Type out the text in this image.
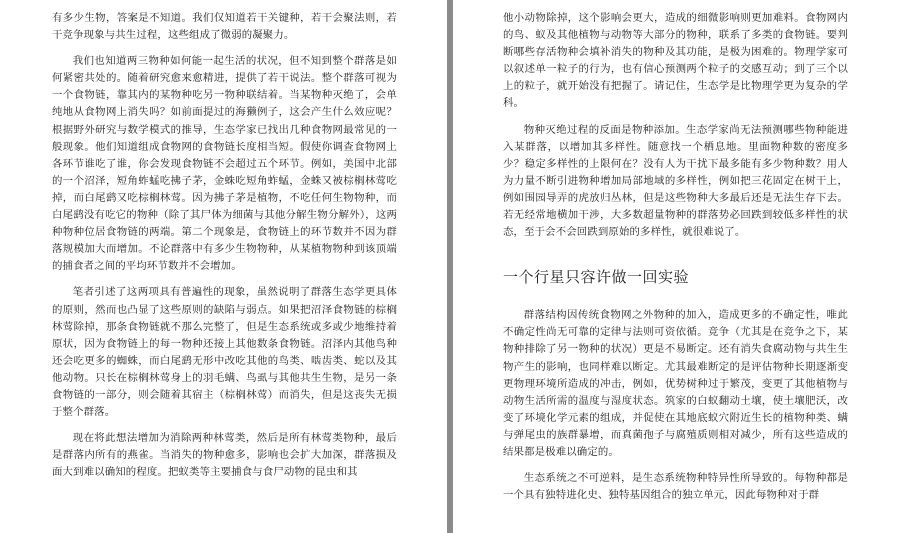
有多少生物，答案是不知道。我们仅知道若干关键种，若干会聚法则，若干竞争现象与共生过程，这些组成了微弱的凝聚力。

我们也知道两三物种如何能一起生活的状况，但不知到整个群落是如何紧密共处的。随着研究愈来愈精进，提供了若干说法。整个群落可视为一个食物链，靠其内的某物种吃另一物种联结着。当某物种灭绝了，会单纯地从食物网上消失吗？如前面提过的海獭例子，这会产生什么效应呢？根据野外研究与数学模式的推导，生态学家已找出几种食物网最常见的一般现象。他们知道组成食物网的食物链长度相当短。假使你调查食物网上各环节谁吃了谁，你会发现食物链不会超过五个环节。例如，美国中北部的一个沼泽，短角蚱蜢吃拂子茅，金蛛吃短角蚱蜢，金蛛又被棕榈林莺吃掉，而白尾鹞又吃棕榈林莺。因为拂子茅是植物，不吃任何生物物种，而白尾鹞没有吃它的物种（除了其尸体为细菌与其他分解生物分解外），这两种物种位居食物链的两端。第二个现象是，食物链上的环节数并不因为群落规模加大而增加。不论群落中有多少生物物种，从某植物物种到该顶端的捕食者之间的平均环节数并不会增加。

笔者引述了这两项具有普遍性的现象，虽然说明了群落生态学更具体的原则，然而也凸显了这些原则的缺陷与弱点。如果把沼泽食物链的棕榈林莺除掉，那条食物链就不那么完整了，但是生态系统或多或少地维持着原状，因为食物链上的每一物种还接上其他数条食物链。沼泽内其他鸟种还会吃更多的蜘蛛，而白尾鹞无形中改吃其他的鸟类、啮齿类、蛇以及其他动物。只长在棕榈林莺身上的羽毛螨、鸟虱与其他共生生物，是另一条食物链的一部分，则会随着其宿主（棕榈林莺）而消失，但是这丧失无损于整个群落。

现在将此想法增加为消除两种林莺类，然后是所有林莺类物种，最后是群落内所有的燕雀。当消失的物种愈多，影响也会扩大加深，群落损及面大到难以确知的程度。把蚁类等主要捕食与食尸动物的昆虫和其

他小动物除掉，这个影响会更大，造成的细微影响则更加难料。食物网内的鸟、蚁及其他植物与动物等大部分的物种，联系了多类的食物链。要判断哪些存活物种会填补消失的物种及其功能，是极为困难的。物理学家可以叙述单一粒子的行为，也有信心预测两个粒子的交感互动；到了三个以上的粒子，就开始没有把握了。请记住，生态学是比物理学更为复杂的学科。

物种灭绝过程的反面是物种添加。生态学家尚无法预测哪些物种能进入某群落，以增加其多样性。随意找一个栖息地。里面物种数的密度多少？稳定多样性的上限何在？没有人为干扰下最多能有多少物种数？用人为力量不断引进物种增加局部地域的多样性，例如把三花固定在树干上，例如围园导弄的虎放归丛林，但是这些物种大多最后还是无法生存下去。若无经常地横加干涉，大多数超量物种的群落势必回跌到较低多样性的状态，至于会不会回跌到原始的多样性，就很难说了。

一个行星只容许做一回实验

群落结构因传统食物网之外物种的加入，造成更多的不确定性，唯此不确定性尚无可靠的定律与法则可资依循。竞争（尤其是在竞争之下，某物种排除了另一物种的状况）更是不易断定。还有消失食腐动物与共生生物产生的影响，也同样难以断定。尤其最难断定的是评估物种长期逐渐变更物理环境所造成的冲击，例如，优势树种过于繁茂，变更了其他植物与动物生活所需的温度与湿度状态。筑家的白蚁翻动土壤，使土壤肥沃，改变了环境化学元素的组成，并促使在其地底蚁穴附近生长的植物种类、螨与弹尾虫的族群暴增，而真菌孢子与腐殖质则相对减少，所有这些造成的结果都是极难以确定的。

生态系统之不可逆料，是生态系统物种特异性所导致的。每物种都是一个具有独特进化史、独特基因组合的独立单元，因此每物种对于群
